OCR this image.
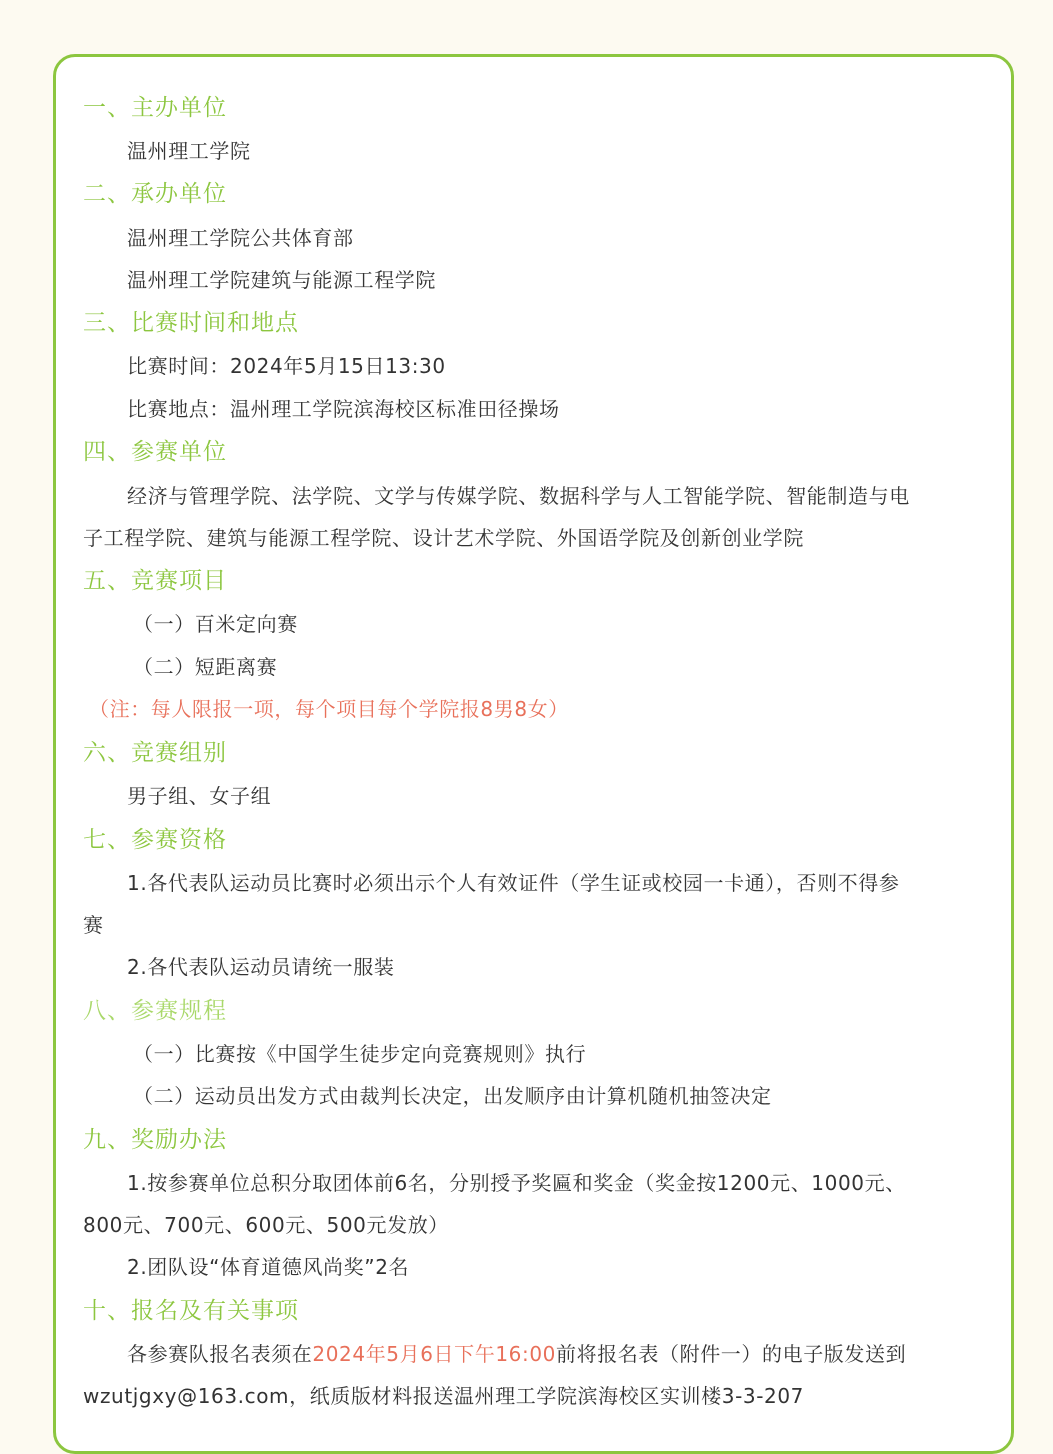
一、主办单位

温州理工学院

二、承办单位

温州理工学院公共体育部

温州理工学院建筑与能源工程学院

三、比赛时间和地点

比赛时间：2024年5月15日13:30

比赛地点：温州理工学院滨海校区标准田径操场

四、参赛单位

经济与管理学院、法学院、文学与传媒学院、数据科学与人工智能学院、智能制造与电

子工程学院、建筑与能源工程学院、设计艺术学院、外国语学院及创新创业学院

五、竞赛项目

（一）百米定向赛

（二）短距离赛

（注：每人限报一项，每个项目每个学院报8男8女）

六、竞赛组别

男子组、女子组

七、参赛资格

1.各代表队运动员比赛时必须出示个人有效证件（学生证或校园一卡通），否则不得参

赛

2.各代表队运动员请统一服装

八、参赛规程

（一）比赛按《中国学生徒步定向竞赛规则》执行

（二）运动员出发方式由裁判长决定，出发顺序由计算机随机抽签决定

九、奖励办法

1.按参赛单位总积分取团体前6名，分别授予奖匾和奖金（奖金按1200元、1000元、

800元、700元、600元、500元发放）

2.团队设“体育道德风尚奖”2名

十、报名及有关事项

各参赛队报名表须在2024年5月6日下午16:00前将报名表（附件一）的电子版发送到

wzutjgxy@163.com，纸质版材料报送温州理工学院滨海校区实训楼3-3-207
